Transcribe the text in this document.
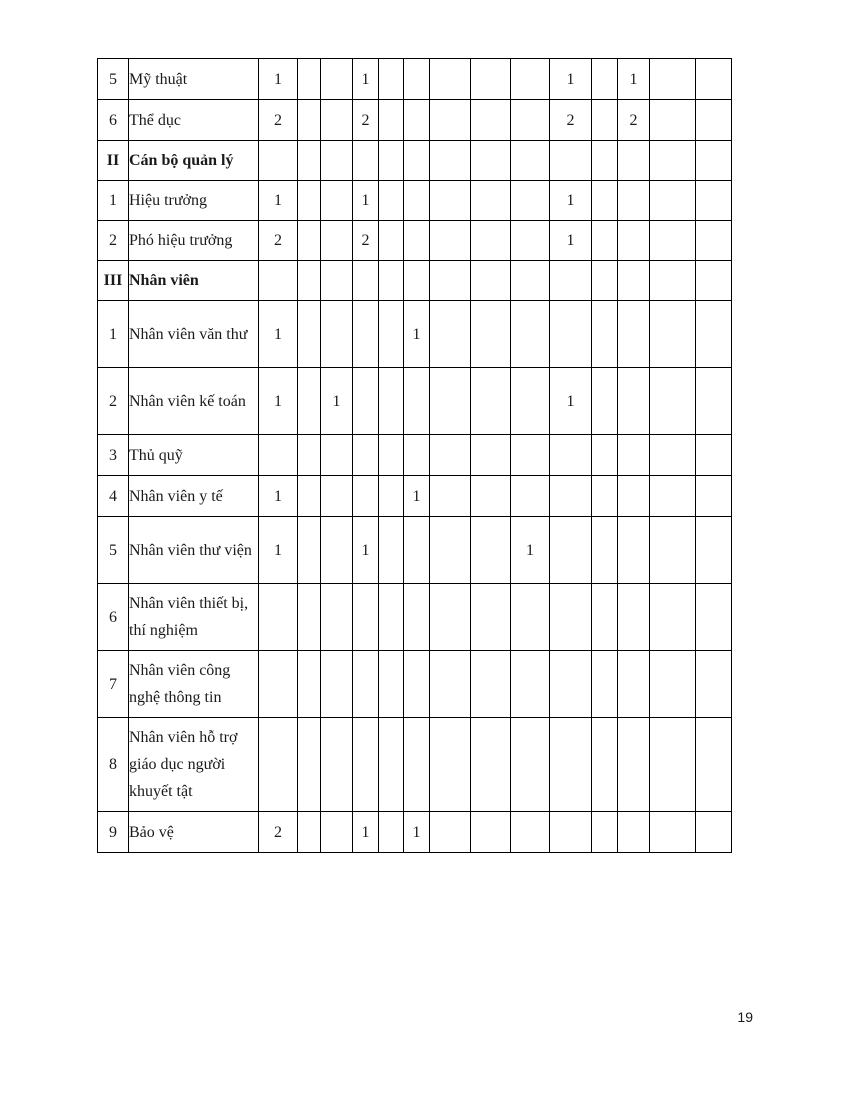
5	Mỹ thuật	1			1						1		1		
6	Thể dục	2			2						2		2		
II	Cán bộ quản lý														
1	Hiệu trưởng	1			1						1				
2	Phó hiệu trưởng	2			2						1				
III	Nhân viên														
1	Nhân viên văn thư	1					1								
2	Nhân viên kế toán	1		1							1				
3	Thủ quỹ														
4	Nhân viên y tế	1					1								
5	Nhân viên thư viện	1			1					1					
6	Nhân viên thiết bị, thí nghiệm														
7	Nhân viên công nghệ thông tin														
8	Nhân viên hỗ trợ giáo dục người khuyết tật														
9	Bảo vệ	2			1		1								
19
